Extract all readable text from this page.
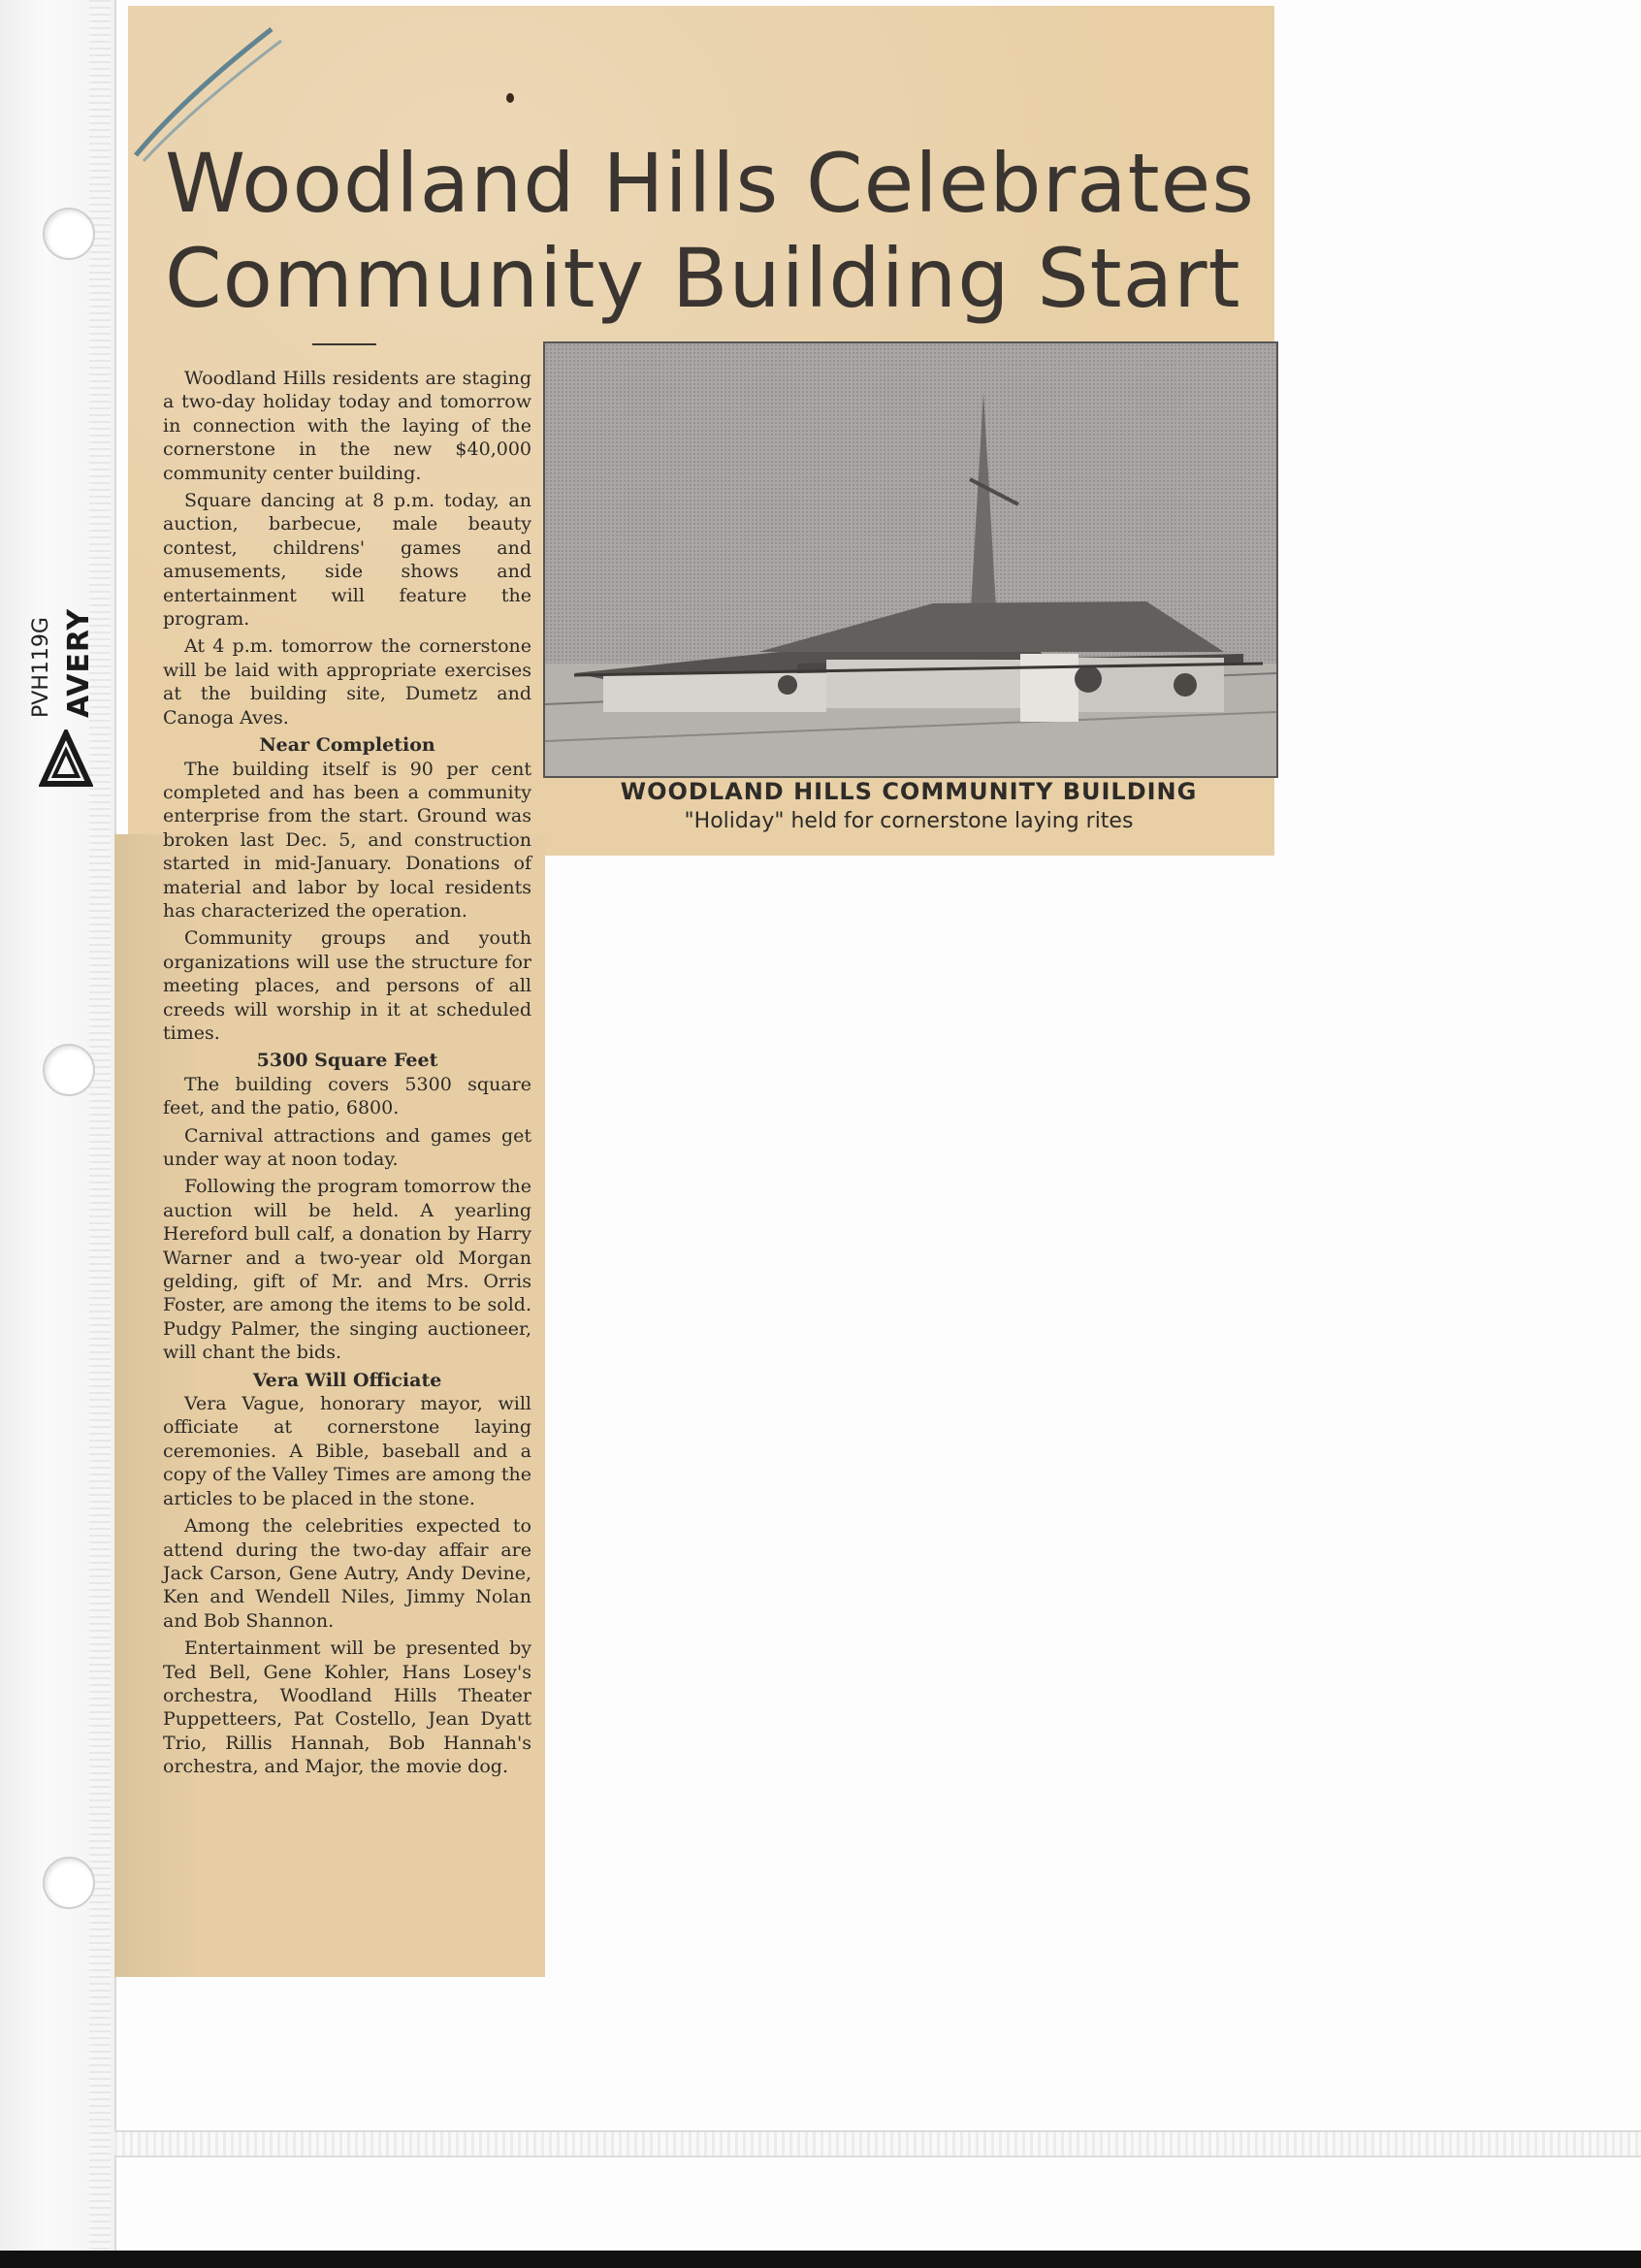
PVH119G AVERY
Woodland Hills Celebrates
Community Building Start

Woodland Hills residents are staging a two-day holiday today and tomorrow in connection with the laying of the cornerstone in the new $40,000 community center building.

Square dancing at 8 p.m. today, an auction, barbecue, male beauty contest, childrens' games and amusements, side shows and entertainment will feature the program.

At 4 p.m. tomorrow the cornerstone will be laid with appropriate exercises at the building site, Dumetz and Canoga Aves.

Near Completion

The building itself is 90 per cent completed and has been a community enterprise from the start. Ground was broken last Dec. 5, and construction started in mid-January. Donations of material and labor by local residents has characterized the operation.

Community groups and youth organizations will use the structure for meeting places, and persons of all creeds will worship in it at scheduled times.

5300 Square Feet

The building covers 5300 square feet, and the patio, 6800.

Carnival attractions and games get under way at noon today.

Following the program tomorrow the auction will be held. A yearling Hereford bull calf, a donation by Harry Warner and a two-year old Morgan gelding, gift of Mr. and Mrs. Orris Foster, are among the items to be sold. Pudgy Palmer, the singing auctioneer, will chant the bids.

Vera Will Officiate

Vera Vague, honorary mayor, will officiate at cornerstone laying ceremonies. A Bible, baseball and a copy of the Valley Times are among the articles to be placed in the stone.

Among the celebrities expected to attend during the two-day affair are Jack Carson, Gene Autry, Andy Devine, Ken and Wendell Niles, Jimmy Nolan and Bob Shannon.

Entertainment will be presented by Ted Bell, Gene Kohler, Hans Losey's orchestra, Woodland Hills Theater Puppetteers, Pat Costello, Jean Dyatt Trio, Rillis Hannah, Bob Hannah's orchestra, and Major, the movie dog.

WOODLAND HILLS COMMUNITY BUILDING
"Holiday" held for cornerstone laying rites
